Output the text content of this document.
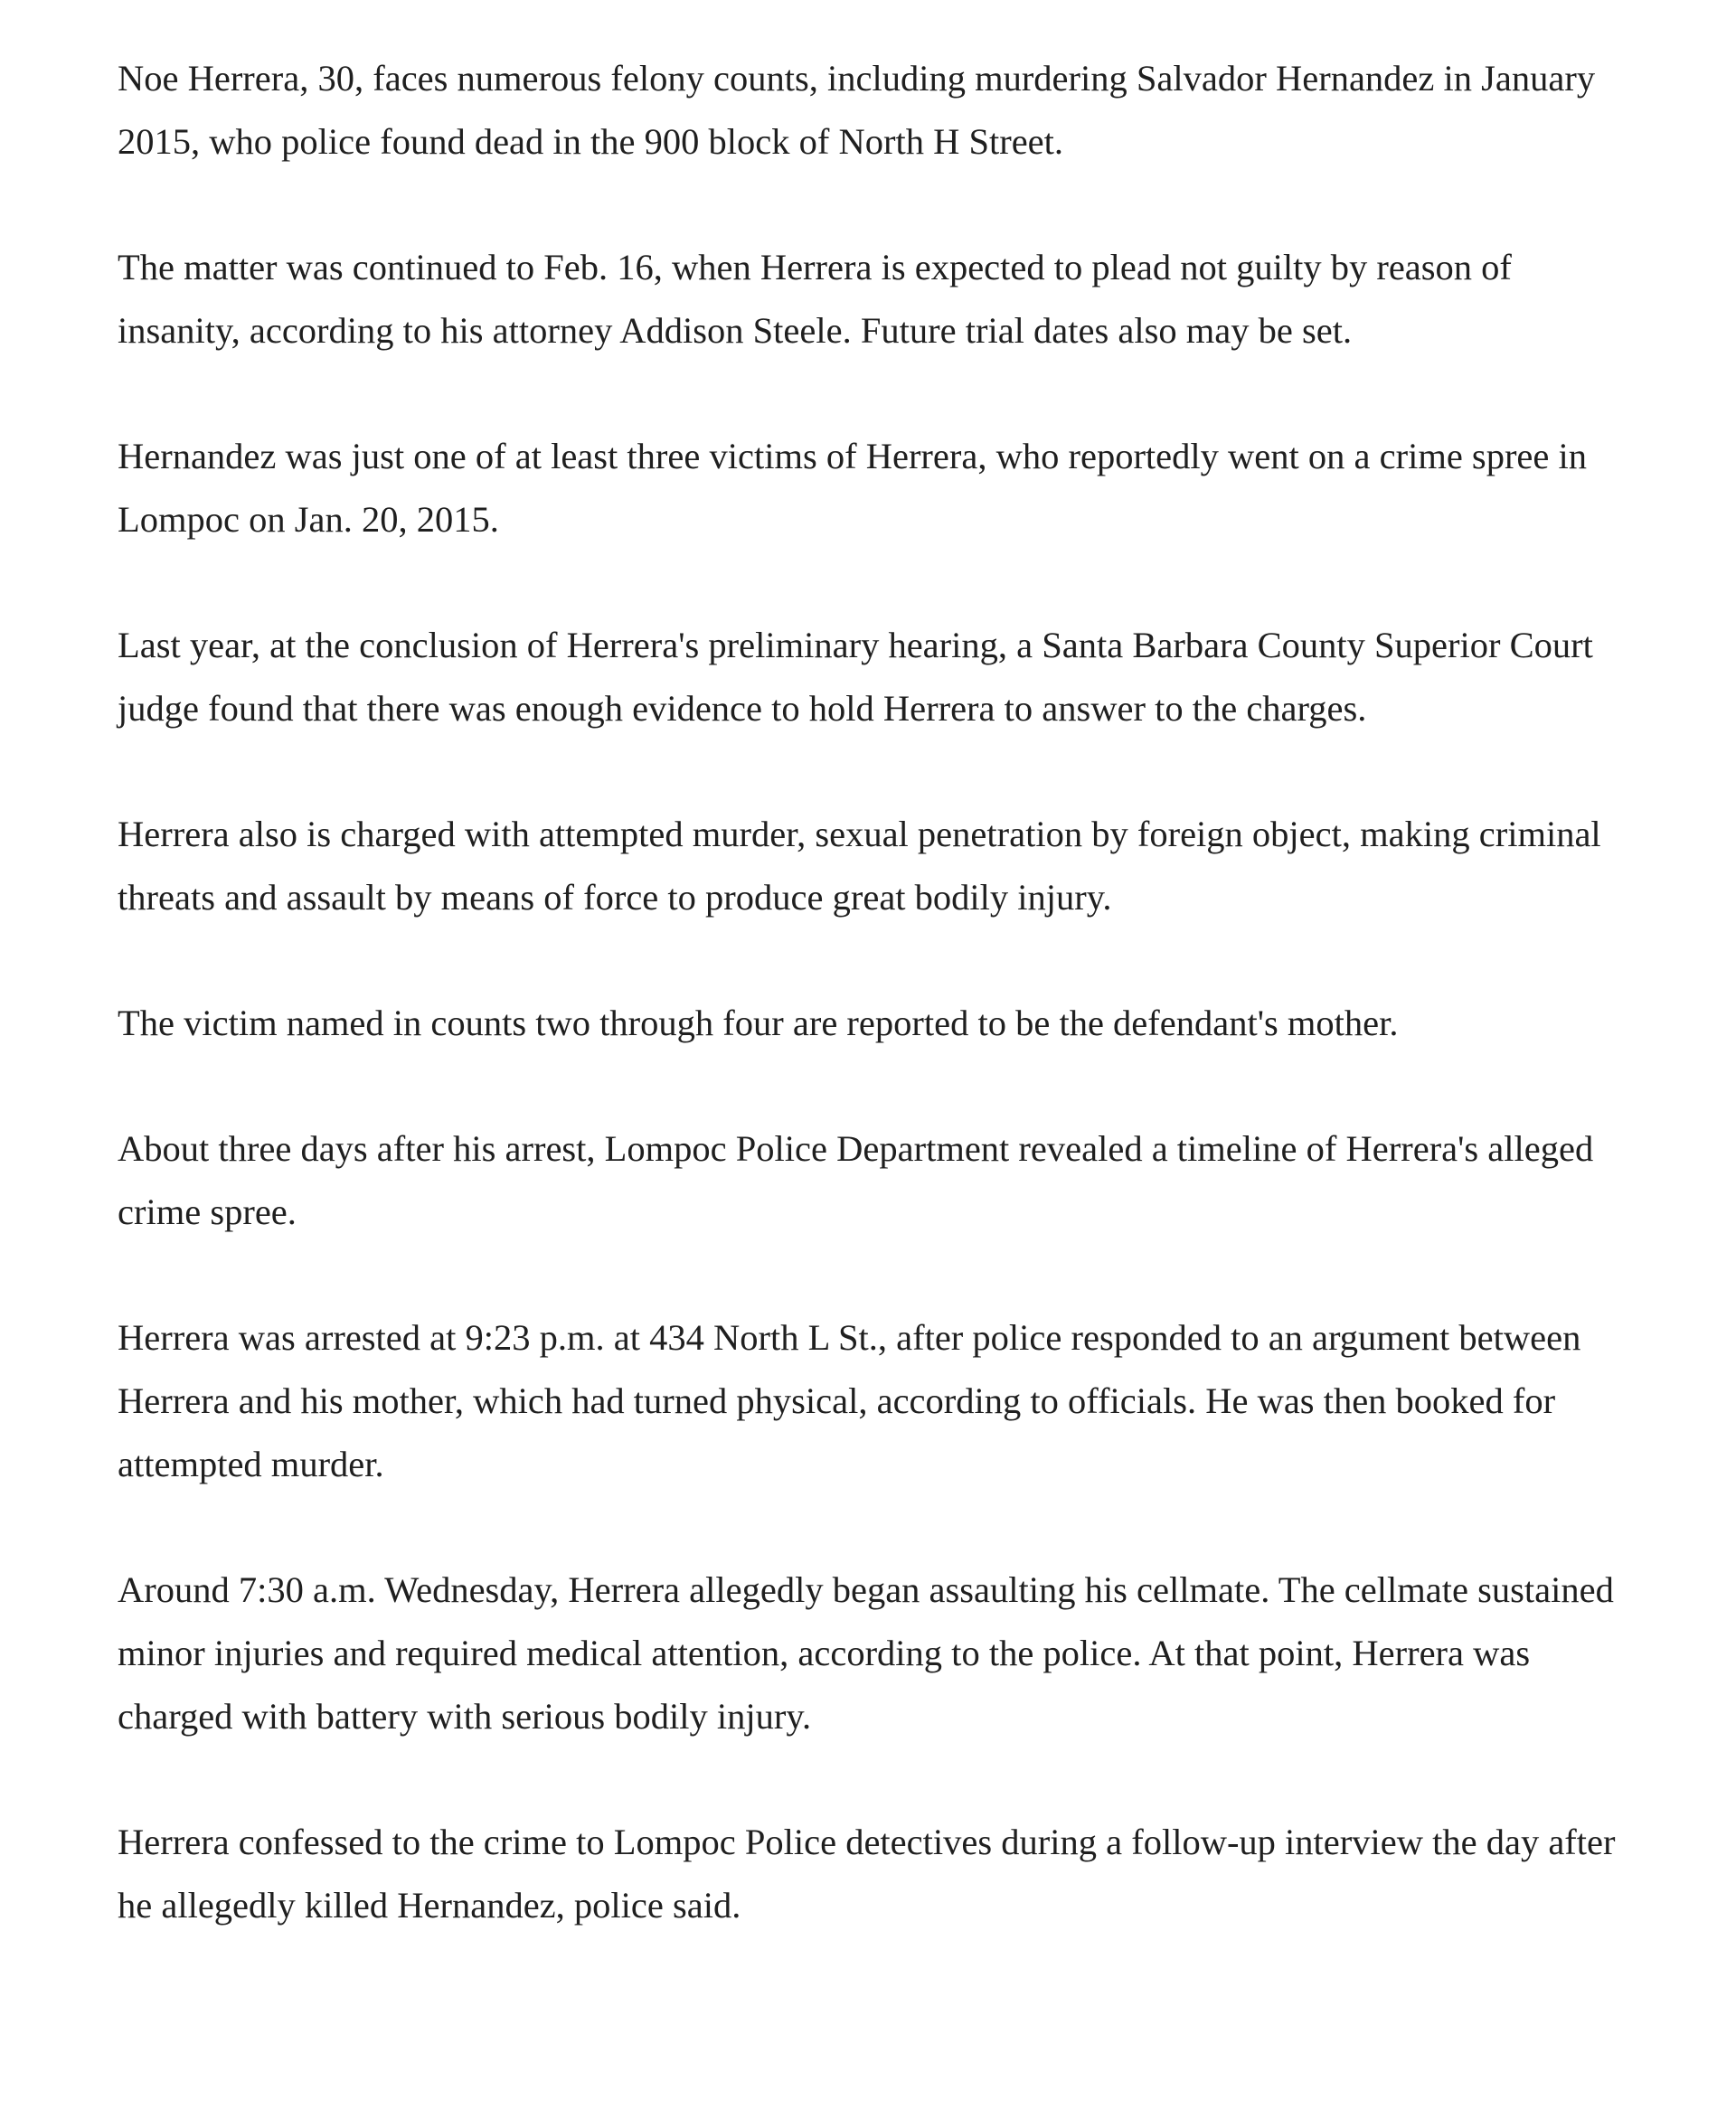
Noe Herrera, 30, faces numerous felony counts, including murdering Salvador Hernandez in January 2015, who police found dead in the 900 block of North H Street.

The matter was continued to Feb. 16, when Herrera is expected to plead not guilty by reason of insanity, according to his attorney Addison Steele. Future trial dates also may be set.

Hernandez was just one of at least three victims of Herrera, who reportedly went on a crime spree in Lompoc on Jan. 20, 2015.

Last year, at the conclusion of Herrera's preliminary hearing, a Santa Barbara County Superior Court judge found that there was enough evidence to hold Herrera to answer to the charges.

Herrera also is charged with attempted murder, sexual penetration by foreign object, making criminal threats and assault by means of force to produce great bodily injury.

The victim named in counts two through four are reported to be the defendant's mother.

About three days after his arrest, Lompoc Police Department revealed a timeline of Herrera's alleged crime spree.

Herrera was arrested at 9:23 p.m. at 434 North L St., after police responded to an argument between Herrera and his mother, which had turned physical, according to officials. He was then booked for attempted murder.

Around 7:30 a.m. Wednesday, Herrera allegedly began assaulting his cellmate. The cellmate sustained minor injuries and required medical attention, according to the police. At that point, Herrera was charged with battery with serious bodily injury.

Herrera confessed to the crime to Lompoc Police detectives during a follow-up interview the day after he allegedly killed Hernandez, police said.
